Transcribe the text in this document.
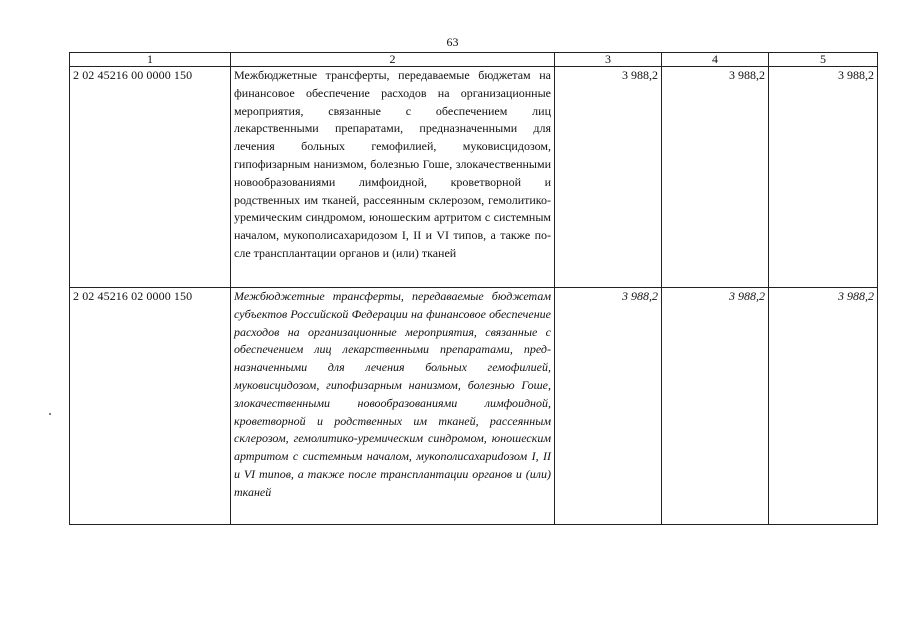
63
1	2	3	4	5
2 02 45216 00 0000 150	Межбюджетные трансферты, передаваемые бюджетам на финансовое обеспечение расходов на организационные мероприятия, связанные с обеспечением лиц лекарственными препаратами, предназначенными для лечения больных гемофилией, муковисцидозом, гипофизарным нанизмом, болезнью Гоше, злокачественными новообразованиями лимфоидной, кроветворной и родственных им тканей, рассеянным склерозом, гемолитико-уремическим синдромом, юношеским артритом с системным началом, мукополисахаридозом I, II и VI типов, а также после трансплантации органов и (или) тканей	3 988,2	3 988,2	3 988,2
2 02 45216 02 0000 150	Межбюджетные трансферты, передаваемые бюджетам субъектов Российской Федерации на финансовое обеспечение расходов на организационные мероприятия, связанные с обеспечением лиц лекарственными препаратами, предназначенными для лечения больных гемофилией, муковисцидозом, гипофизарным нанизмом, болезнью Гоше, злокачественными новообразованиями лимфоидной, кроветворной и родственных им тканей, рассеянным склерозом, гемолитико-уремическим синдромом, юношеским артритом с системным началом, мукополисахариdозом I, II и VI типов, а также после трансплантации органов и (или) тканей	3 988,2	3 988,2	3 988,2
